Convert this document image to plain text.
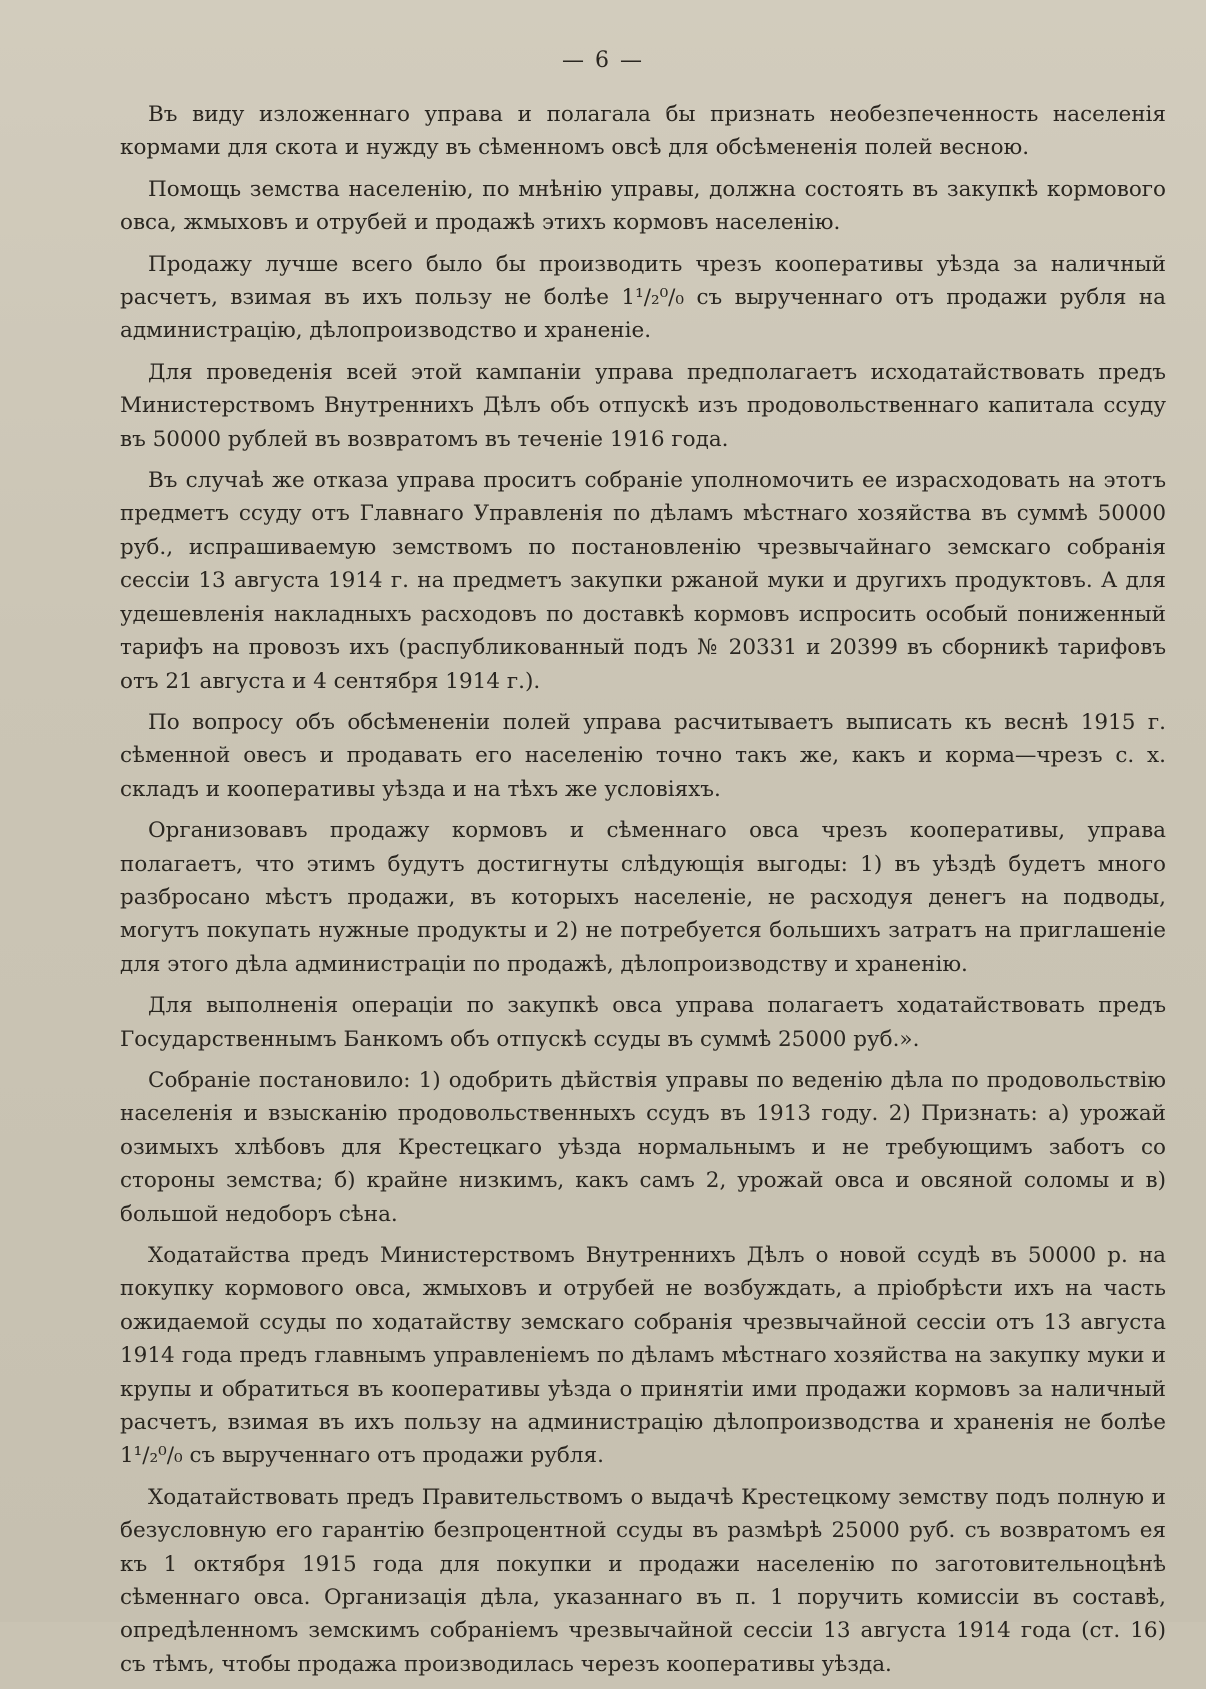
— 6 —

Въ виду изложеннаго управа и полагала бы признать необезпеченность населенія кормами для скота и нужду въ сѣменномъ овсѣ для обсѣмененія полей весною.

Помощь земства населенію, по мнѣнію управы, должна состоять въ закупкѣ кормового овса, жмыховъ и отрубей и продажѣ этихъ кормовъ населенію.

Продажу лучше всего было бы производить чрезъ кооперативы уѣзда за наличный расчетъ, взимая въ ихъ пользу не болѣе 1¹/₂⁰/₀ съ вырученнаго отъ продажи рубля на администрацію, дѣлопроизводство и храненіе.

Для проведенія всей этой кампаніи управа предполагаетъ исходатайствовать предъ Министерствомъ Внутреннихъ Дѣлъ объ отпускѣ изъ продовольственнаго капитала ссуду въ 50000 рублей въ возвратомъ въ теченіе 1916 года.

Въ случаѣ же отказа управа проситъ собраніе уполномочить ее израсходовать на этотъ предметъ ссуду отъ Главнаго Управленія по дѣламъ мѣстнаго хозяйства въ суммѣ 50000 руб., испрашиваемую земствомъ по постановленію чрезвычайнаго земскаго собранія сессіи 13 августа 1914 г. на предметъ закупки ржаной муки и другихъ продуктовъ. А для удешевленія накладныхъ расходовъ по доставкѣ кормовъ испросить особый пониженный тарифъ на провозъ ихъ (распубликованный подъ № 20331 и 20399 въ сборникѣ тарифовъ отъ 21 августа и 4 сентября 1914 г.).

По вопросу объ обсѣмененіи полей управа расчитываетъ выписать къ веснѣ 1915 г. сѣменной овесъ и продавать его населенію точно такъ же, какъ и корма—чрезъ с. х. складъ и кооперативы уѣзда и на тѣхъ же условіяхъ.

Организовавъ продажу кормовъ и сѣменнаго овса чрезъ кооперативы, управа полагаетъ, что этимъ будутъ достигнуты слѣдующія выгоды: 1) въ уѣздѣ будетъ много разбросано мѣстъ продажи, въ которыхъ населеніе, не расходуя денегъ на подводы, могутъ покупать нужные продукты и 2) не потребуется большихъ затратъ на приглашеніе для этого дѣла администраціи по продажѣ, дѣлопроизводству и храненію.

Для выполненія операціи по закупкѣ овса управа полагаетъ ходатайствовать предъ Государственнымъ Банкомъ объ отпускѣ ссуды въ суммѣ 25000 руб.».

Собраніе постановило: 1) одобрить дѣйствія управы по веденію дѣла по продовольствію населенія и взысканію продовольственныхъ ссудъ въ 1913 году. 2) Признать: а) урожай озимыхъ хлѣбовъ для Крестецкаго уѣзда нормальнымъ и не требующимъ заботъ со стороны земства; б) крайне низкимъ, какъ самъ 2, урожай овса и овсяной соломы и в) большой недоборъ сѣна.

Ходатайства предъ Министерствомъ Внутреннихъ Дѣлъ о новой ссудѣ въ 50000 р. на покупку кормового овса, жмыховъ и отрубей не возбуждать, а пріобрѣсти ихъ на часть ожидаемой ссуды по ходатайству земскаго собранія чрезвычайной сессіи отъ 13 августа 1914 года предъ главнымъ управленіемъ по дѣламъ мѣстнаго хозяйства на закупку муки и крупы и обратиться въ кооперативы уѣзда о принятіи ими продажи кормовъ за наличный расчетъ, взимая въ ихъ пользу на администрацію дѣлопроизводства и храненія не болѣе 1¹/₂⁰/₀ съ вырученнаго отъ продажи рубля.

Ходатайствовать предъ Правительствомъ о выдачѣ Крестецкому земству подъ полную и безусловную его гарантію безпроцентной ссуды въ размѣрѣ 25000 руб. съ возвратомъ ея къ 1 октября 1915 года для покупки и продажи населенію по заготовительноцѣнѣ сѣменнаго овса. Организація дѣла, указаннаго въ п. 1 поручить комиссіи въ составѣ, опредѣленномъ земскимъ собраніемъ чрезвычайной сессіи 13 августа 1914 года (ст. 16) съ тѣмъ, чтобы продажа производилась черезъ кооперативы уѣзда.
